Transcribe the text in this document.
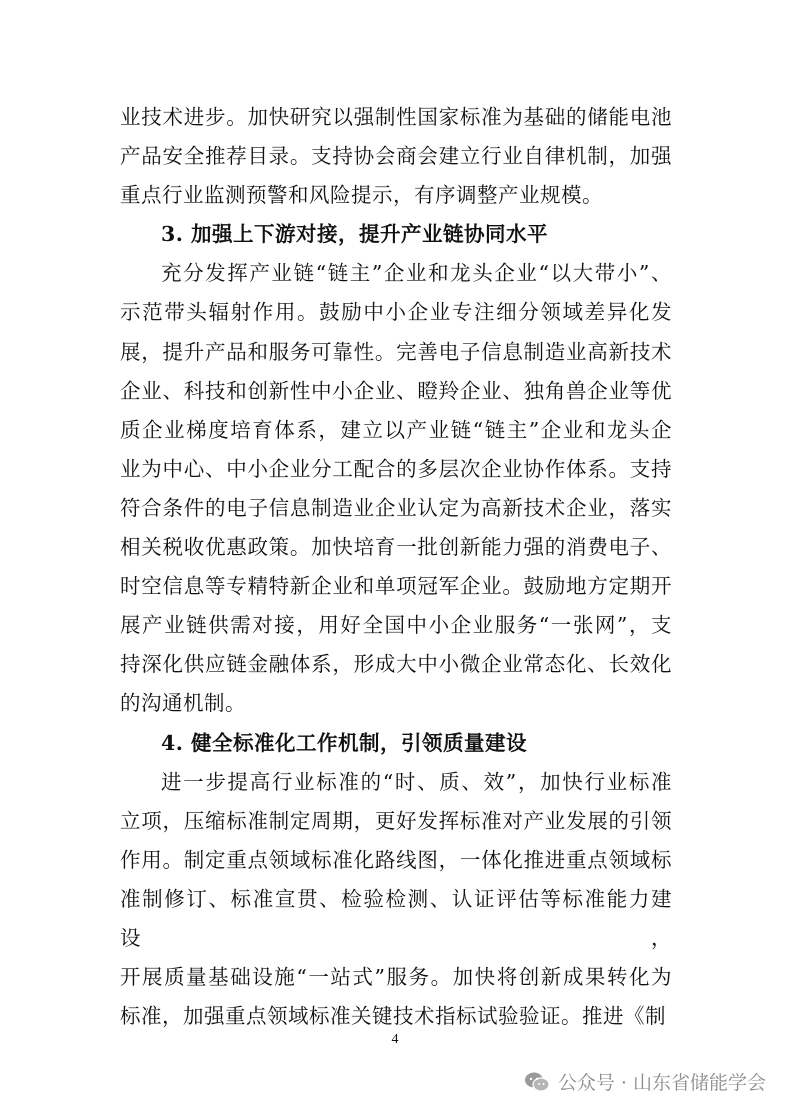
业技术进步。加快研究以强制性国家标准为基础的储能电池

产品安全推荐目录。支持协会商会建立行业自律机制，加强

重点行业监测预警和风险提示，有序调整产业规模。

3. 加强上下游对接，提升产业链协同水平

充分发挥产业链“链主”企业和龙头企业“以大带小”、

示范带头辐射作用。鼓励中小企业专注细分领域差异化发

展，提升产品和服务可靠性。完善电子信息制造业高新技术

企业、科技和创新性中小企业、瞪羚企业、独角兽企业等优

质企业梯度培育体系，建立以产业链“链主”企业和龙头企

业为中心、中小企业分工配合的多层次企业协作体系。支持

符合条件的电子信息制造业企业认定为高新技术企业，落实

相关税收优惠政策。加快培育一批创新能力强的消费电子、

时空信息等专精特新企业和单项冠军企业。鼓励地方定期开

展产业链供需对接，用好全国中小企业服务“一张网”，支

持深化供应链金融体系，形成大中小微企业常态化、长效化

的沟通机制。

4. 健全标准化工作机制，引领质量建设

进一步提高行业标准的“时、质、效”，加快行业标准

立项，压缩标准制定周期，更好发挥标准对产业发展的引领

作用。制定重点领域标准化路线图，一体化推进重点领域标

准制修订、标准宣贯、检验检测、认证评估等标准能力建设，

开展质量基础设施“一站式”服务。加快将创新成果转化为

标准，加强重点领域标准关键技术指标试验验证。推进《制

4
公众号 · 山东省储能学会
